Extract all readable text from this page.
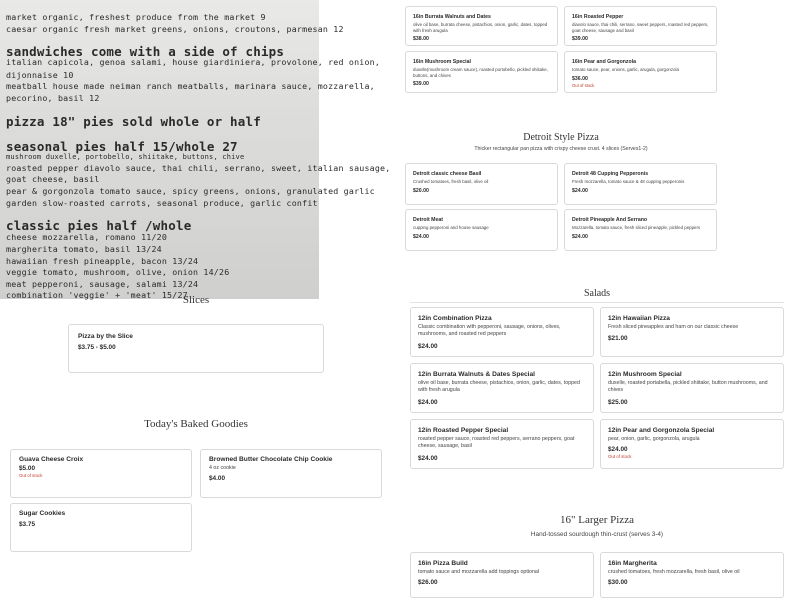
market organic, freshest produce from the market 9
caesar organic fresh market greens, onions, croutons, parmesan 12
sandwiches come with a side of chips
italian capicola, genoa salami, house giardiniera, provolone, red onion,
dijonnaise 10
meatball house made neiman ranch meatballs, marinara sauce, mozzarella,
pecorino, basil 12
pizza 18" pies sold whole or half
seasonal pies half 15/whole 27
mushroom duxelle, portobello, shiitake, buttons, chive
roasted pepper diavolo sauce, thai chili, serrano, sweet, italian sausage,
goat cheese, basil
pear & gorgonzola tomato sauce, spicy greens, onions, granulated garlic
garden slow-roasted carrots, seasonal produce, garlic confit
classic pies half /whole
cheese mozzarella, romano 11/20
margherita tomato, basil 13/24
hawaiian fresh pineapple, bacon 13/24
veggie tomato, mushroom, olive, onion 14/26
meat pepperoni, sausage, salami 13/24
combination 'veggie' + 'meat' 15/27
16in Burrata Walnuts and Dates
olive oil base, burrata cheese, pistachios, onion, garlic, dates, topped with fresh arugula
$38.00
16in Roasted Pepper
diavolo sauce, thai chili, serrano, sweet peppers, roasted red peppers, goat cheese, sausage and basil
$39.00
16in Mushroom Special
duxelle(mushroom cream sauce), roasted portobello, pickled shiitake, buttons, and chives
$39.00
16in Pear and Gorgonzola
tomato sauce, pear, onions, garlic, arugula, gorgonzola
$36.00
Out of stock
Detroit Style Pizza
Thicker rectangular pan pizza with crispy cheese crust. 4 slices (Serves1-2)
Detroit classic cheese Basil
Crushed tomatoes, fresh basil, olive oil
$20.00
Detroit 48 Cupping Pepperonis
Fresh mozzarella, tomato sauce & 48 cupping pepperonis
$24.00
Detroit Meat
cupping pepperoni and house sausage
$24.00
Detroit Pineapple And Serrano
Mozzarella, tomato sauce, fresh sliced pineapple, pickled peppers
$24.00
Slices
Pizza by the Slice
$3.75 - $5.00
Salads
12in Combination Pizza
Classic combination with pepperoni, sausage, onions, olives, mushrooms, and roasted red peppers
$24.00
12in Hawaiian Pizza
Fresh sliced pineapples and ham on our classic cheese
$21.00
12in Burrata Walnuts & Dates Special
olive oil base, burrata cheese, pistachios, onion, garlic, dates, topped with fresh arugula
$24.00
12in Mushroom Special
duxelle, roasted portabella, pickled shiitake, button mushrooms, and chives
$25.00
12in Roasted Pepper Special
roasted pepper sauce, roasted red peppers, serrano peppers, goat cheese, sausage, basil
$24.00
12in Pear and Gorgonzola Special
pear, onion, garlic, gorgonzola, arugula
$24.00
Out of stock
Today's Baked Goodies
Guava Cheese Croix
$5.00
Out of stock
Browned Butter Chocolate Chip Cookie
4 oz cookie
$4.00
Sugar Cookies
$3.75	16" Larger Pizza
Hand-tossed sourdough thin-crust (serves 3-4)
16in Pizza Build
tomato sauce and mozzarella add toppings optional
$26.00
16in Margherita
crushed tomatoes, fresh mozzarella, fresh basil, olive oil
$30.00
